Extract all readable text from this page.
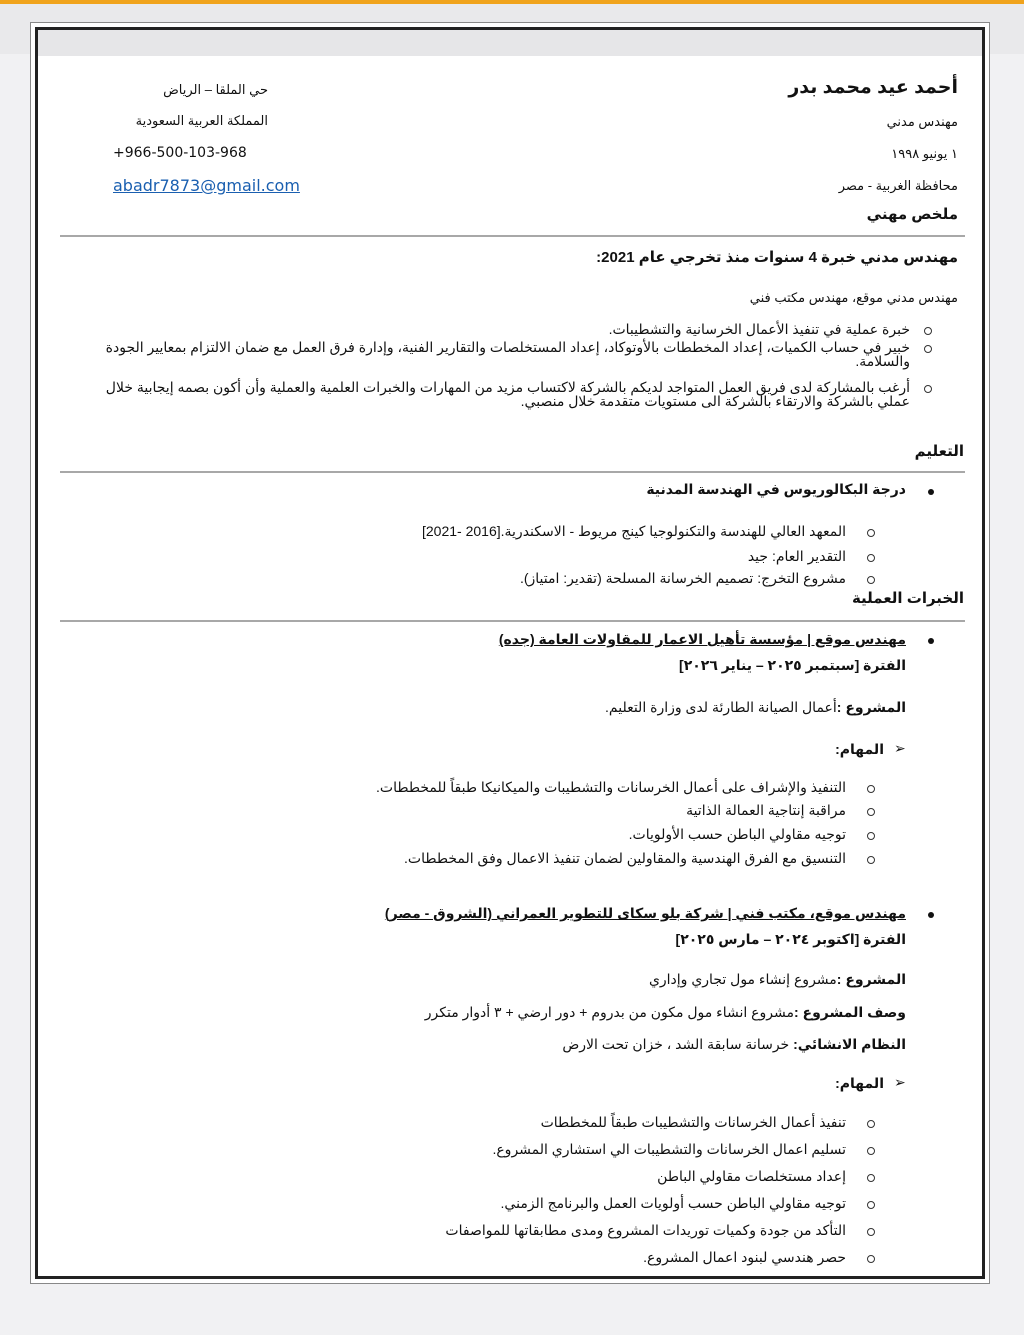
أحمد عيد محمد بدر
مهندس مدني
١ يونيو ١٩٩٨
محافظة الغربية - مصر
حي الملقا – الرياض
المملكة العربية السعودية
+966-500-103-968
abadr7873@gmail.com
ملخص مهني
مهندس مدني خبرة 4 سنوات منذ تخرجي عام 2021:
مهندس مدني موقع، مهندس مكتب فني
خبرة عملية في تنفيذ الأعمال الخرسانية والتشطيبات.
خبير في حساب الكميات، إعداد المخططات بالأوتوكاد، إعداد المستخلصات والتقارير الفنية، وإدارة فرق العمل مع ضمان الالتزام بمعايير الجودة والسلامة.
أرغب بالمشاركة لدى فريق العمل المتواجد لديكم بالشركة لاكتساب مزيد من المهارات والخبرات العلمية والعملية وأن أكون بصمه إيجابية خلال عملي بالشركة والارتقاء بالشركة الى مستويات متقدمة خلال منصبي.
التعليم
درجة البكالوريوس في الهندسة المدنية
المعهد العالي للهندسة والتكنولوجيا كينج مريوط - الاسكندرية.[2016 -2021]
التقدير العام: جيد
مشروع التخرج: تصميم الخرسانة المسلحة (تقدير: امتياز).
الخبرات العملية
مهندس موقع | مؤسسة تأهيل الاعمار للمقاولات العامة (جده)
الفترة [سبتمبر ٢٠٢٥ – يناير ٢٠٢٦]
المشروع :أعمال الصيانة الطارئة لدى وزارة التعليم.
➢
المهام:
التنفيذ والإشراف على أعمال الخرسانات والتشطيبات والميكانيكا طبقاً للمخططات.
مراقبة إنتاجية العمالة الذاتية
توجيه مقاولي الباطن حسب الأولويات.
التنسيق مع الفرق الهندسية والمقاولين لضمان تنفيذ الاعمال وفق المخططات.
مهندس موقع، مكتب فني | شركة بلو سكاى للتطوير العمراني (الشروق - مصر)
الفترة [اكتوبر ٢٠٢٤ – مارس ٢٠٢٥]
المشروع :مشروع إنشاء مول تجاري وإداري
وصف المشروع :مشروع انشاء مول مكون من بدروم + دور ارضي + ٣ أدوار متكرر
النظام الانشائي: خرسانة سابقة الشد ، خزان تحت الارض
➢
المهام:
تنفيذ أعمال الخرسانات والتشطيبات طبقاً للمخططات
تسليم اعمال الخرسانات والتشطيبات الي استشاري المشروع.
إعداد مستخلصات مقاولي الباطن
توجيه مقاولي الباطن حسب أولويات العمل والبرنامج الزمني.
التأكد من جودة وكميات توريدات المشروع ومدى مطابقاتها للمواصفات
حصر هندسي لبنود اعمال المشروع.
